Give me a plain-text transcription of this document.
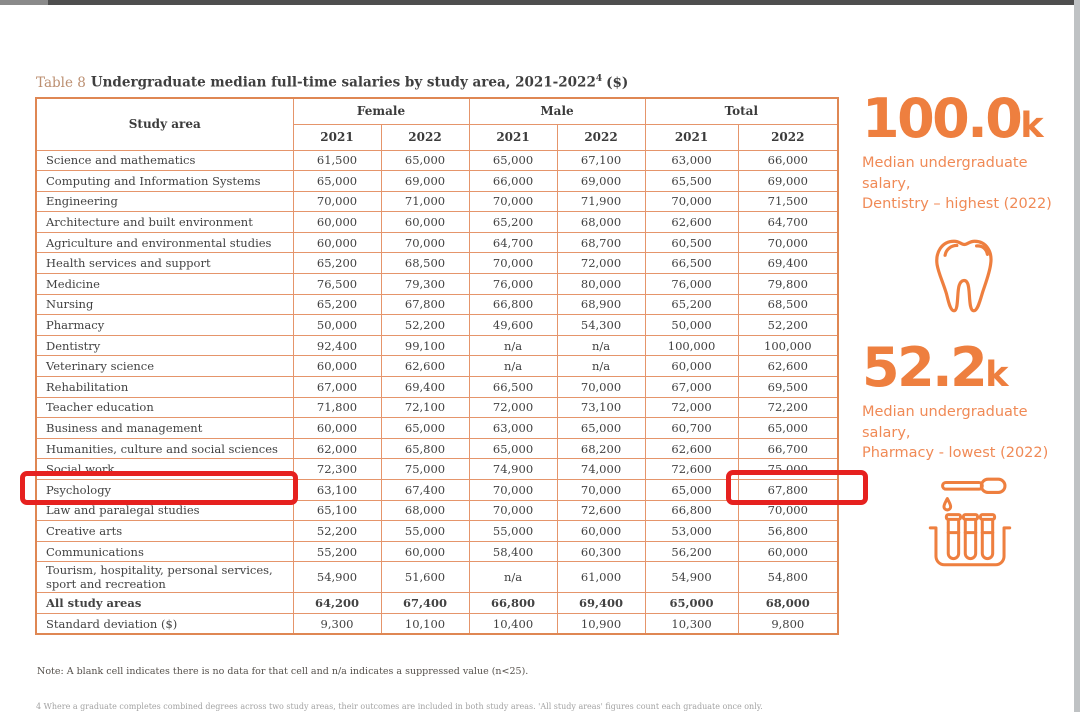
Table 8 Undergraduate median full-time salaries by study area, 2021-2022$^4$ ($)
Study area	Female		Male		Total	
	2021	2022	2021	2022	2021	2022
Science and mathematics	61,500	65,000	65,000	67,100	63,000	66,000
Computing and Information Systems	65,000	69,000	66,000	69,000	65,500	69,000
Engineering	70,000	71,000	70,000	71,900	70,000	71,500
Architecture and built environment	60,000	60,000	65,200	68,000	62,600	64,700
Agriculture and environmental studies	60,000	70,000	64,700	68,700	60,500	70,000
Health services and support	65,200	68,500	70,000	72,000	66,500	69,400
Medicine	76,500	79,300	76,000	80,000	76,000	79,800
Nursing	65,200	67,800	66,800	68,900	65,200	68,500
Pharmacy	50,000	52,200	49,600	54,300	50,000	52,200
Dentistry	92,400	99,100	n/a	n/a	100,000	100,000
Veterinary science	60,000	62,600	n/a	n/a	60,000	62,600
Rehabilitation	67,000	69,400	66,500	70,000	67,000	69,500
Teacher education	71,800	72,100	72,000	73,100	72,000	72,200
Business and management	60,000	65,000	63,000	65,000	60,700	65,000
Humanities, culture and social sciences	62,000	65,800	65,000	68,200	62,600	66,700
Social work	72,300	75,000	74,900	74,000	72,600	75,000
Psychology	63,100	67,400	70,000	70,000	65,000	67,800
Law and paralegal studies	65,100	68,000	70,000	72,600	66,800	70,000
Creative arts	52,200	55,000	55,000	60,000	53,000	56,800
Communications	55,200	60,000	58,400	60,300	56,200	60,000
Tourism, hospitality, personal services, sport and recreation	54,900	51,600	n/a	61,000	54,900	54,800
All study areas	64,200	67,400	66,800	69,400	65,000	68,000
Standard deviation ($)	9,300	10,100	10,400	10,900	10,300	9,800
Note: A blank cell indicates there is no data for that cell and n/a indicates a suppressed value (n<25).
4 Where a graduate completes combined degrees across two study areas, their outcomes are included in both study areas. 'All study areas' figures count each graduate once only.
100.0k
Median undergraduate salary,
Dentistry – highest (2022)
52.2k
Median undergraduate salary,
Pharmacy - lowest (2022)
